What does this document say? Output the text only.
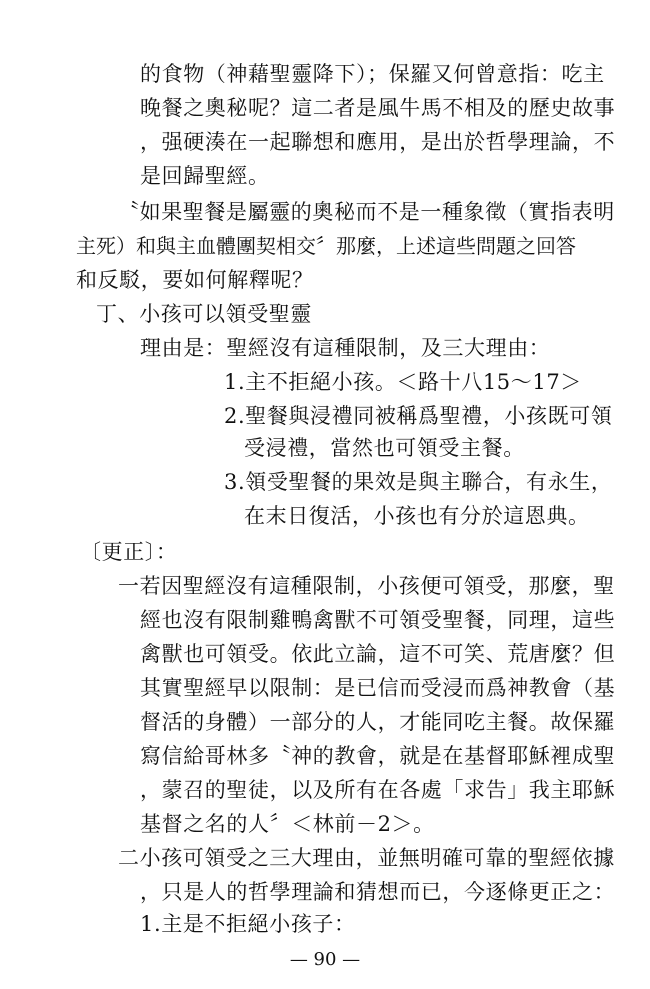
的食物（神藉聖靈降下）；保羅又何曾意指：吃主
晚餐之奧秘呢？這二者是風牛馬不相及的歷史故事
，强硬湊在一起聯想和應用，是出於哲學理論，不
是回歸聖經。
〝如果聖餐是屬靈的奧秘而不是一種象徵（實指表明
主死）和與主血體團契相交〞那麼，上述這些問題之回答
和反駁，要如何解釋呢？
丁、小孩可以領受聖靈
理由是：聖經沒有這種限制，及三大理由：
1.主不拒絕小孩。＜路十八15～17＞
2.聖餐與浸禮同被稱爲聖禮，小孩既可領
受浸禮，當然也可領受主餐。
3.領受聖餐的果效是與主聯合，有永生，
在末日復活，小孩也有分於這恩典。
〔更正〕：
一若因聖經沒有這種限制，小孩便可領受，那麼，聖
經也沒有限制雞鴨禽獸不可領受聖餐，同理，這些
禽獸也可領受。依此立論，這不可笑、荒唐麼？但
其實聖經早以限制：是已信而受浸而爲神教會（基
督活的身體）一部分的人，才能同吃主餐。故保羅
寫信給哥林多〝神的教會，就是在基督耶穌裡成聖
，蒙召的聖徒，以及所有在各處「求告」我主耶穌
基督之名的人〞＜林前－2＞。
二小孩可領受之三大理由，並無明確可靠的聖經依據
，只是人的哲學理論和猜想而已，今逐條更正之：
1.主是不拒絕小孩子：
— 90 —
